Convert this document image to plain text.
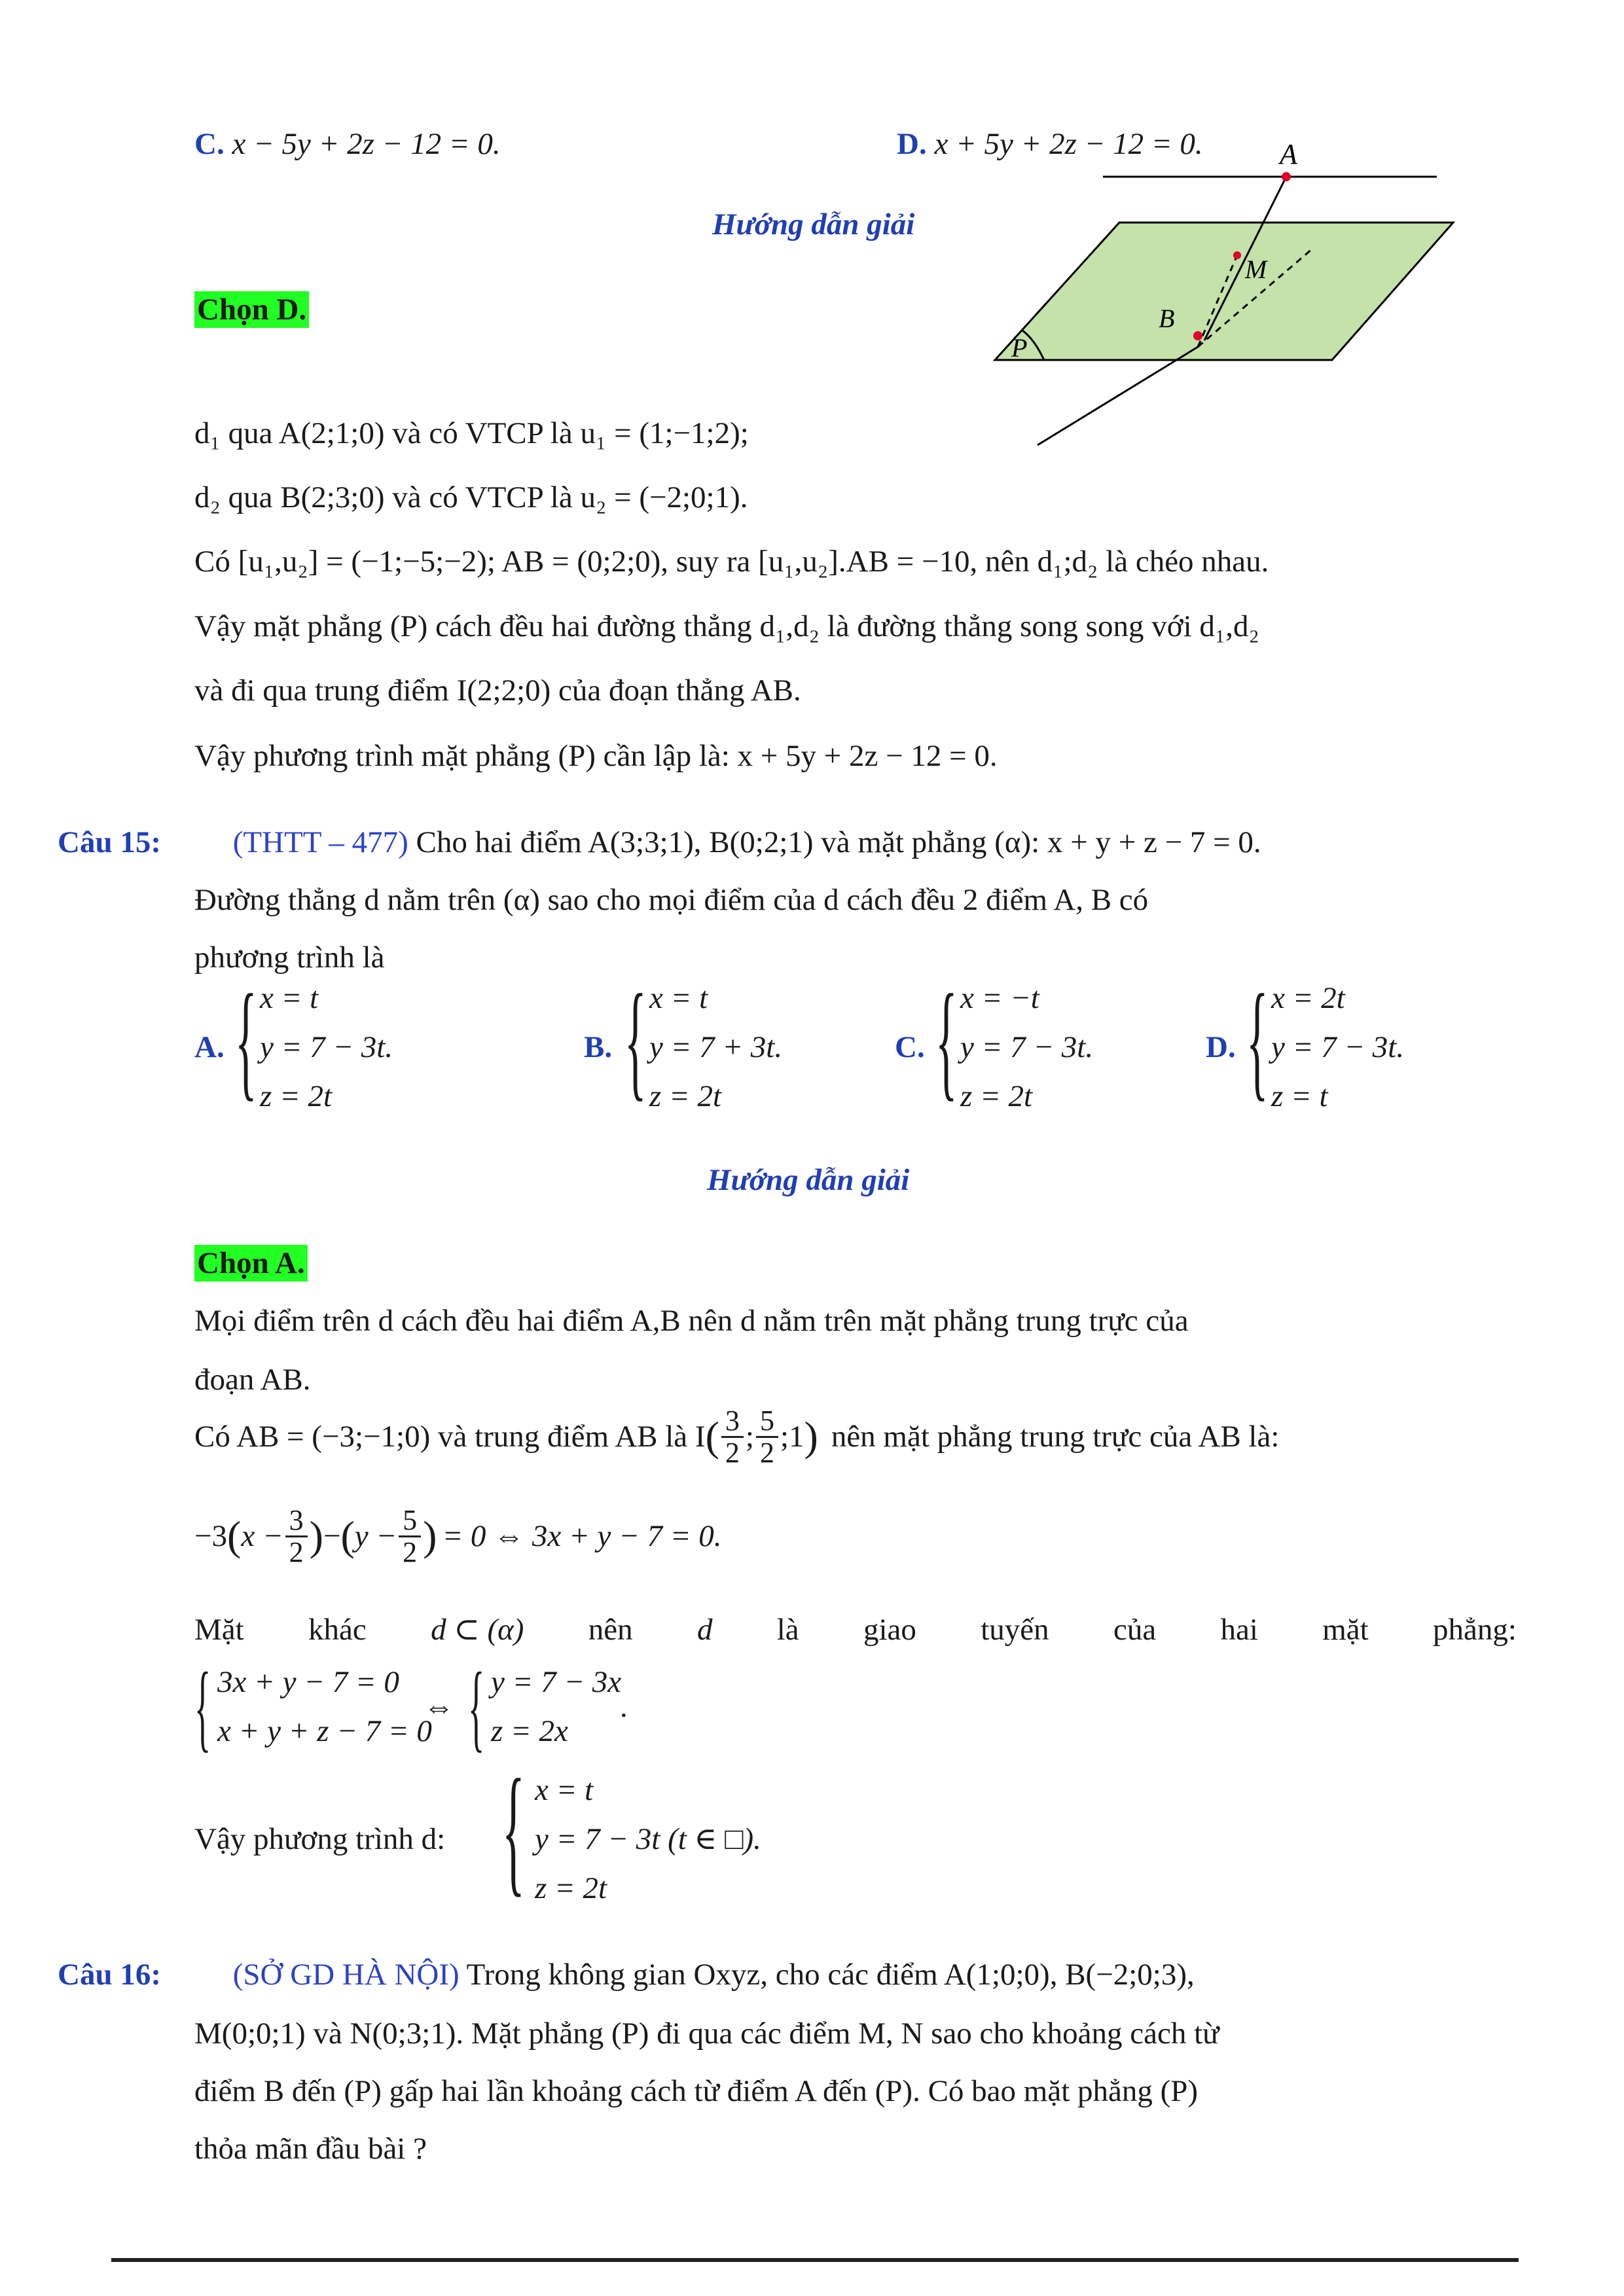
C. x − 5y + 2z − 12 = 0.	D. x + 5y + 2z − 12 = 0.
Hướng dẫn giải
Chọn D.
A
M
B
P
d₁ qua A(2;1;0) và có VTCP là u₁ = (1;−1;2);
d₂ qua B(2;3;0) và có VTCP là u₂ = (−2;0;1).
Có [u₁,u₂] = (−1;−5;−2); AB = (0;2;0), suy ra [u₁,u₂].AB = −10, nên d₁;d₂ là chéo nhau.
Vậy mặt phẳng (P) cách đều hai đường thẳng d₁,d₂ là đường thẳng song song với d₁,d₂
và đi qua trung điểm I(2;2;0) của đoạn thẳng AB.
Vậy phương trình mặt phẳng (P) cần lập là: x + 5y + 2z − 12 = 0.
Câu 15: (THTT – 477) Cho hai điểm A(3;3;1), B(0;2;1) và mặt phẳng (α): x + y + z − 7 = 0.
Đường thẳng d nằm trên (α) sao cho mọi điểm của d cách đều 2 điểm A, B có
phương trình là
A. { x = t
y = 7 − 3t.
z = 2t
B. { x = t
y = 7 + 3t.
z = 2t
C. { x = −t
y = 7 − 3t.
z = 2t
D. { x = 2t
y = 7 − 3t.
z = t
Hướng dẫn giải
Chọn A.
Mọi điểm trên d cách đều hai điểm A,B nên d nằm trên mặt phẳng trung trực của
đoạn AB.
Có AB = (−3;−1;0) và trung điểm AB là I ( $\frac{3}{2}$ ; $\frac{5}{2}$ ;1 ) nên mặt phẳng trung trực của AB là:
−3 ( $x - \frac{3}{2}$ ) − ( $y - \frac{5}{2}$ ) = 0 ⇔ 3x + y − 7 = 0.
Mặt khác d ⊂ (α) nên d là giao tuyến của hai mặt phẳng:
{ 3x + y − 7 = 0
x + y + z − 7 = 0
⇔ { y = 7 − 3x
z = 2x
.
Vậy phương trình d: { x = t
y = 7 − 3t (t ∈ □).
z = 2t
Câu 16: (SỞ GD HÀ NỘI) Trong không gian Oxyz, cho các điểm A(1;0;0), B(−2;0;3),
M(0;0;1) và N(0;3;1). Mặt phẳng (P) đi qua các điểm M, N sao cho khoảng cách từ
điểm B đến (P) gấp hai lần khoảng cách từ điểm A đến (P). Có bao mặt phẳng (P)
thỏa mãn đầu bài ?
